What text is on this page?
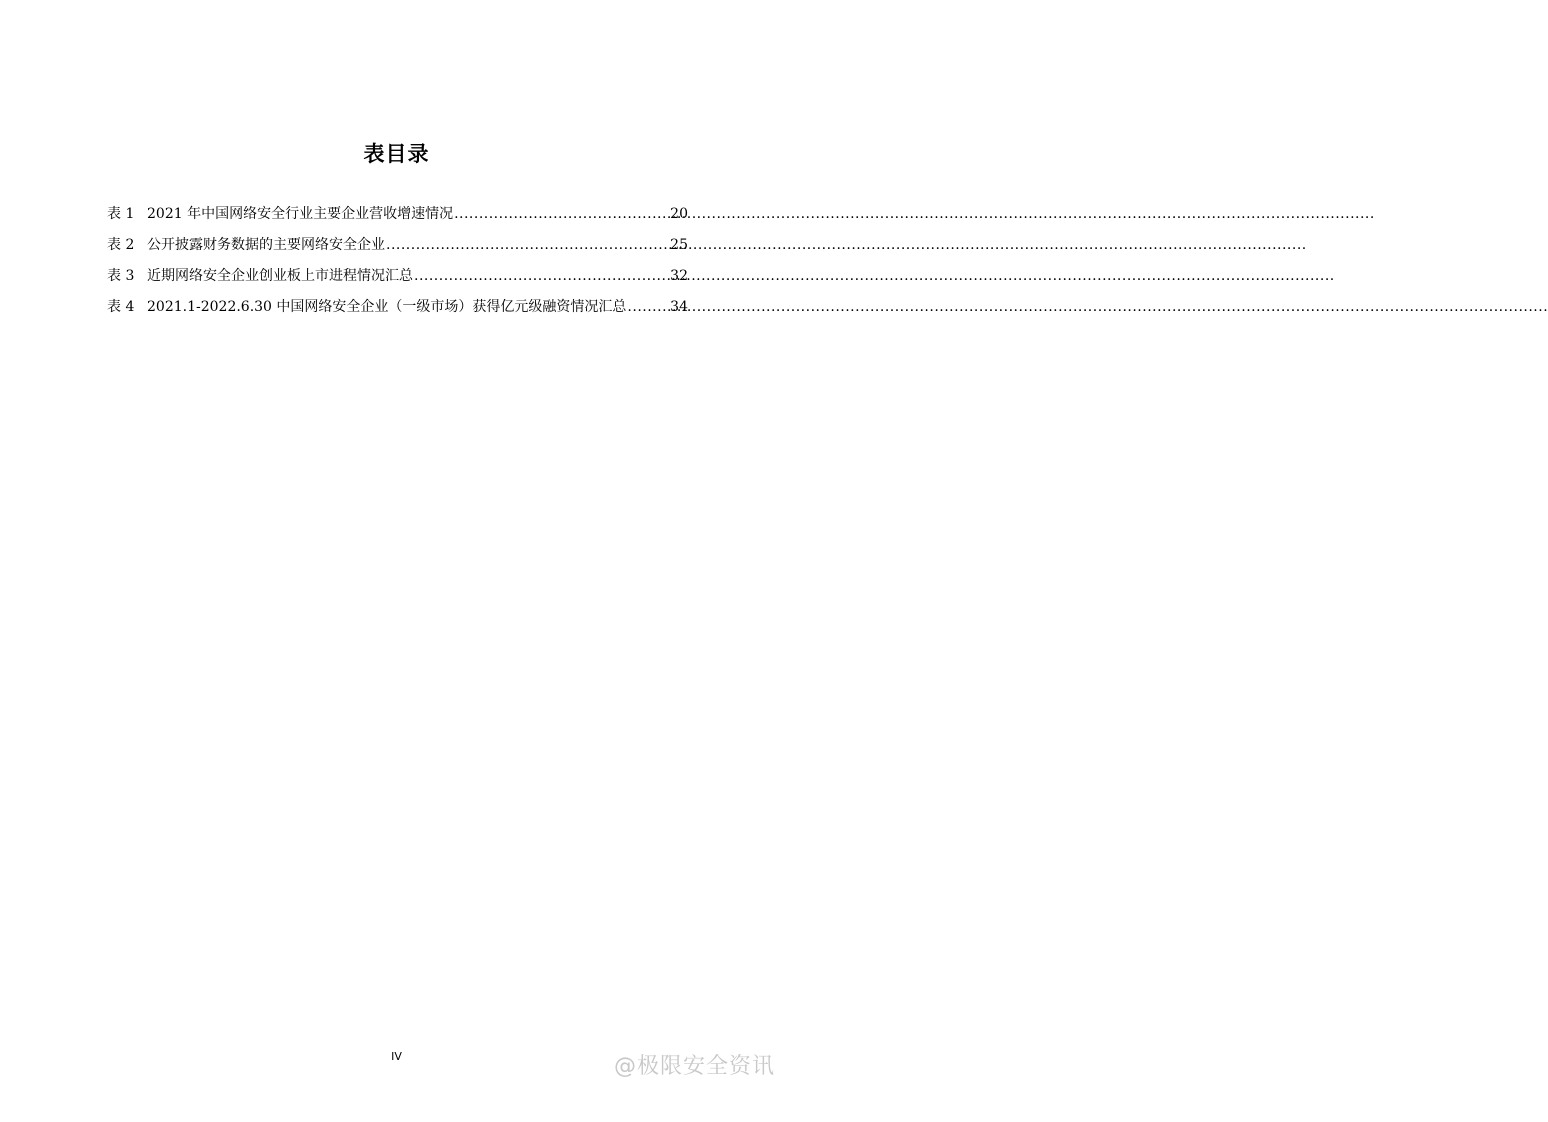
表目录
表 1 2021 年中国网络安全行业主要企业营收增速情况 .....	20
表 2 公开披露财务数据的主要网络安全企业 .....	25
表 3 近期网络安全企业创业板上市进程情况汇总 .....	32
表 4 2021.1-2022.6.30 中国网络安全企业（一级市场）获得亿元级融资情况汇总 .....	34
IV	@极限安全资讯
